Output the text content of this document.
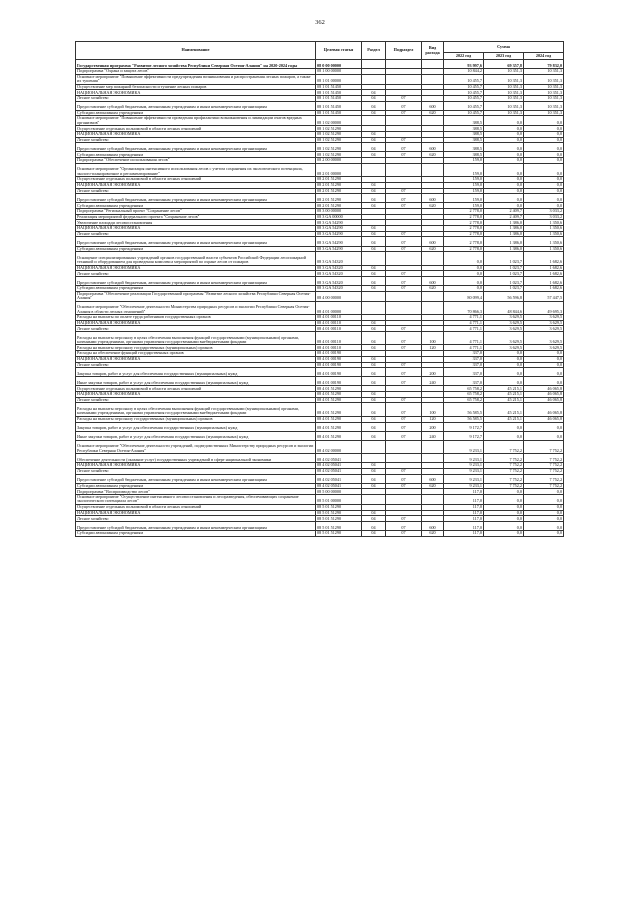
362
Наименование	Целевая статья	Раздел	Подраздел	Вид расхода	Сумма		
					2022 год	2023 год	2024 год
Государственная программа "Развитие лесного хозяйства Республики Северная Осетия-Алания" на 2020-2024 годы	08 0 00 00000				93 997,6	69 357,8	79 832,0
Подпрограмма "Охрана и защита лесов"	08 1 00 00000				10 844,2	10 351,3	10 351,3
Основное мероприятие "Повышение эффективности предупреждения возникновения и распространения лесных пожаров, а также их тушения"	08 1 01 00000				10 455,7	10 351,3	10 351,3
Осуществление мер пожарной безопасности и тушение лесных пожаров	08 1 01 51450				10 455,7	10 351,3	10 351,3
НАЦИОНАЛЬНАЯ ЭКОНОМИКА	08 1 01 51450	04			10 455,7	10 351,3	10 351,3
Лесное хозяйство	08 1 01 51450	04	07		10 455,7	10 351,3	10 351,3
Предоставление субсидий бюджетным, автономным учреждениям и иным некоммерческим организациям	08 1 01 51450	04	07	600	10 455,7	10 351,3	10 351,3
Субсидии автономным учреждениям	08 1 01 51450	04	07	620	10 455,7	10 351,3	10 351,3
Основное мероприятие "Повышение эффективности проведения профилактики возникновения и ликвидации очагов вредных организмов"	08 1 02 00000				388,5	0,0	0,0
Осуществление отдельных полномочий в области лесных отношений	08 1 02 51290				388,5	0,0	0,0
НАЦИОНАЛЬНАЯ ЭКОНОМИКА	08 1 02 51290	04			388,5	0,0	0,0
Лесное хозяйство	08 1 02 51290	04	07		388,5	0,0	0,0
Предоставление субсидий бюджетным, автономным учреждениям и иным некоммерческим организациям	08 1 02 51290	04	07	600	388,5	0,0	0,0
Субсидии автономным учреждениям	08 1 02 51290	04	07	620	388,5	0,0	0,0
Подпрограмма "Обеспечение использования лесов"	08 2 00 00000				159,0	0,0	0,0
Основное мероприятие "Организация интенсивного использования лесов с учетом сохранения их экологического потенциала, эколого-планировочное и регламентирование"	08 2 01 00000				159,0	0,0	0,0
Осуществление отдельных полномочий в области лесных отношений	08 2 01 51290				159,0	0,0	0,0
НАЦИОНАЛЬНАЯ ЭКОНОМИКА	08 2 01 51290	04			159,0	0,0	0,0
Лесное хозяйство	08 2 01 51290	04	07		159,0	0,0	0,0
Предоставление субсидий бюджетным, автономным учреждениям и иным некоммерческим организациям	08 2 01 51290	04	07	600	159,0	0,0	0,0
Субсидии автономным учреждениям	08 2 01 51290	04	07	620	159,0	0,0	0,0
Подпрограмма "Региональный проект "Сохранение лесов"	08 3 00 00000				2 778,0	2 409,7	3 033,2
Реализация мероприятий федерального проекта "Сохранение лесов"	08 3 GA 00000				2 778,0	2 409,7	3 033,2
Увеличение площади лесовосстановления	08 3 GA 54290				2 778,0	1 386,0	1 350,6
НАЦИОНАЛЬНАЯ ЭКОНОМИКА	08 3 GA 54290	04			2 778,0	1 386,0	1 350,6
Лесное хозяйство	08 3 GA 54290	04	07		2 778,0	1 386,0	1 350,6
Предоставление субсидий бюджетным, автономным учреждениям и иным некоммерческим организациям	08 3 GA 54290	04	07	600	2 778,0	1 386,0	1 350,6
Субсидии автономным учреждениям	08 3 GA 54290	04	07	620	2 778,0	1 386,0	1 350,6
Оснащение специализированных учреждений органов государственной власти субъектов Российской Федерации лесопожарной техникой и оборудованием для проведения комплекса мероприятий по охране лесов от пожаров	08 3 GA 54320				0,0	1 023,7	1 682,6
НАЦИОНАЛЬНАЯ ЭКОНОМИКА	08 3 GA 54320	04			0,0	1 023,7	1 682,6
Лесное хозяйство	08 3 GA 54320	04	07		0,0	1 023,7	1 682,6
Предоставление субсидий бюджетным, автономным учреждениям и иным некоммерческим организациям	08 3 GA 54320	04	07	600	0,0	1 023,7	1 682,6
Субсидии автономным учреждениям	08 3 GA 54320	04	07	620	0,0	1 023,7	1 682,6
Подпрограмма "Обеспечение реализации Государственной программы "Развитие лесного хозяйства Республики Северная Осетия-Алания"	08 4 00 00000				80 099,4	56 596,8	57 447,5
Основное мероприятие "Обеспечение деятельности Министерства природных ресурсов и экологии Республики Северная Осетия-Алания в области лесных отношений"	08 4 01 00000				70 866,3	48 844,6	49 695,3
Расходы на выплаты по оплате труда работников государственных органов	08 4 01 00110				4 771,1	3 629,5	3 629,5
НАЦИОНАЛЬНАЯ ЭКОНОМИКА	08 4 01 00110	04			4 771,1	3 629,5	3 629,5
Лесное хозяйство	08 4 01 00110	04	07		4 771,1	3 629,5	3 629,5
Расходы на выплаты персоналу в целях обеспечения выполнения функций государственными (муниципальными) органами, казенными учреждениями, органами управления государственными внебюджетными фондами	08 4 01 00110	04	07	100	4 771,1	3 629,5	3 629,5
Расходы на выплаты персоналу государственных (муниципальных) органов	08 4 01 00110	04	07	120	4 771,1	3 629,5	3 629,5
Расходы на обеспечение функций государственных органов	08 4 01 00190				337,0	0,0	0,0
НАЦИОНАЛЬНАЯ ЭКОНОМИКА	08 4 01 00190	04			337,0	0,0	0,0
Лесное хозяйство	08 4 01 00190	04	07		337,0	0,0	0,0
Закупка товаров, работ и услуг для обеспечения государственных (муниципальных) нужд	08 4 01 00190	04	07	200	337,0	0,0	0,0
Иные закупки товаров, работ и услуг для обеспечения государственных (муниципальных) нужд	08 4 01 00190	04	07	240	337,0	0,0	0,0
Осуществление отдельных полномочий в области лесных отношений	08 4 01 51290				65 758,2	45 215,1	46 065,8
НАЦИОНАЛЬНАЯ ЭКОНОМИКА	08 4 01 51290	04			65 758,2	45 215,1	46 065,8
Лесное хозяйство	08 4 01 51290	04	07		65 758,2	45 215,1	46 065,8
Расходы на выплаты персоналу в целях обеспечения выполнения функций государственными (муниципальными) органами, казенными учреждениями, органами управления государственными внебюджетными фондами	08 4 01 51290	04	07	100	56 585,5	45 215,1	46 065,8
Расходы на выплаты персоналу государственных (муниципальных) органов	08 4 01 51290	04	07	120	56 585,5	45 215,1	46 065,8
Закупка товаров, работ и услуг для обеспечения государственных (муниципальных) нужд	08 4 01 51290	04	07	200	9 172,7	0,0	0,0
Иные закупки товаров, работ и услуг для обеспечения государственных (муниципальных) нужд	08 4 01 51290	04	07	240	9 172,7	0,0	0,0
Основное мероприятие "Обеспечение деятельности учреждений, подведомственных Министерству природных ресурсов и экологии Республики Северная Осетия-Алания"	08 4 02 00000				9 233,1	7 752,2	7 752,2
Обеспечение деятельности (оказание услуг) государственных учреждений в сфере национальной экономики	08 4 02 05041				9 233,1	7 752,2	7 752,2
НАЦИОНАЛЬНАЯ ЭКОНОМИКА	08 4 02 05041	04			9 233,1	7 752,2	7 752,2
Лесное хозяйство	08 4 02 05041	04	07		9 233,1	7 752,2	7 752,2
Предоставление субсидий бюджетным, автономным учреждениям и иным некоммерческим организациям	08 4 02 05041	04	07	600	9 233,1	7 752,2	7 752,2
Субсидии автономным учреждениям	08 4 02 05041	04	07	620	9 233,1	7 752,2	7 752,2
Подпрограмма "Воспроизводство лесов"	08 5 00 00000				117,0	0,0	0,0
Основное мероприятие "Осуществление интенсивного лесовосстановления и лесоразведения, обеспечивающих сохранение экологического потенциала лесов"	08 5 01 00000				117,0	0,0	0,0
Осуществление отдельных полномочий в области лесных отношений	08 5 01 51290				117,0	0,0	0,0
НАЦИОНАЛЬНАЯ ЭКОНОМИКА	08 5 01 51290	04			117,0	0,0	0,0
Лесное хозяйство	08 5 01 51290	04	07		117,0	0,0	0,0
Предоставление субсидий бюджетным, автономным учреждениям и иным некоммерческим организациям	08 5 01 51290	04	07	600	117,0	0,0	0,0
Субсидии автономным учреждениям	08 5 01 51290	04	07	620	117,0	0,0	0,0
